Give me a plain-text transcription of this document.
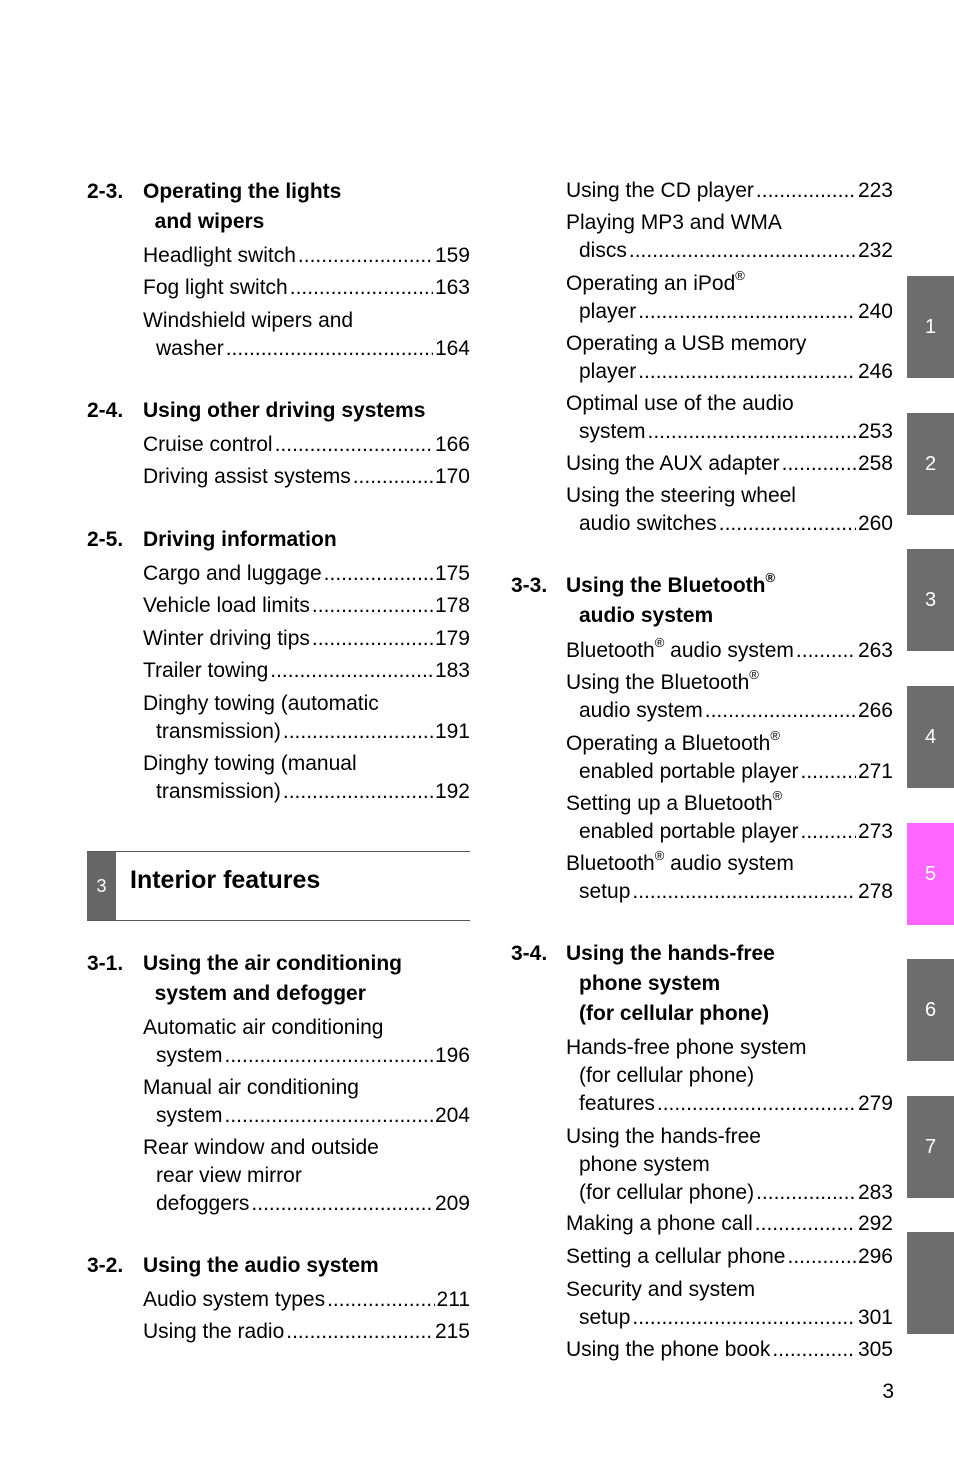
2-3. Operating the lights
and wipers
Headlight switch .....	159
Fog light switch .....	163
Windshield wipers and
washer .....	164
2-4. Using other driving systems
Cruise control .....	166
Driving assist systems .....	170
2-5. Driving information
Cargo and luggage .....	175
Vehicle load limits .....	178
Winter driving tips .....	179
Trailer towing .....	183
Dinghy towing (automatic
transmission) .....	191
Dinghy towing (manual
transmission) .....	192
3 Interior features
3-1. Using the air conditioning
system and defogger
Automatic air conditioning
system .....	196
Manual air conditioning
system .....	204
Rear window and outside
rear view mirror
defoggers .....	209
3-2. Using the audio system
Audio system types .....	211
Using the radio .....	215
Using the CD player .....	223
Playing MP3 and WMA
discs .....	232
Operating an iPod®
player .....	240
Operating a USB memory
player .....	246
Optimal use of the audio
system .....	253
Using the AUX adapter .....	258
Using the steering wheel
audio switches .....	260
3-3. Using the Bluetooth®
audio system
Bluetooth® audio system .....	263
Using the Bluetooth®
audio system .....	266
Operating a Bluetooth®
enabled portable player .....	271
Setting up a Bluetooth®
enabled portable player .....	273
Bluetooth® audio system
setup .....	278
3-4. Using the hands-free
phone system
(for cellular phone)
Hands-free phone system
(for cellular phone)
features .....	279
Using the hands-free
phone system
(for cellular phone) .....	283
Making a phone call .....	292
Setting a cellular phone .....	296
Security and system
setup .....	301
Using the phone book .....	305
1
2
3
4
5
6
7
3
